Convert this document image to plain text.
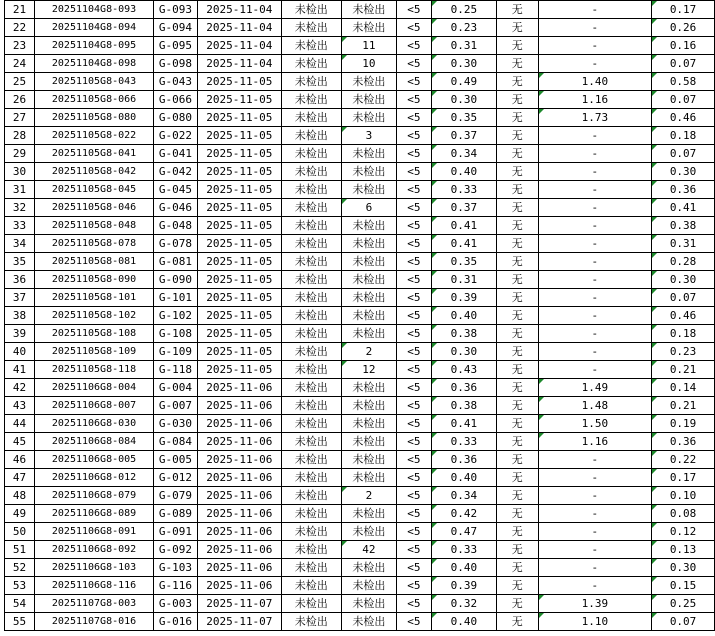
21	20251104G8-093	G-093	2025-11-04	未检出	未检出	<5	0.25	无	-	0.17
22	20251104G8-094	G-094	2025-11-04	未检出	未检出	<5	0.23	无	-	0.26
23	20251104G8-095	G-095	2025-11-04	未检出	11	<5	0.31	无	-	0.16
24	20251104G8-098	G-098	2025-11-04	未检出	10	<5	0.30	无	-	0.07
25	20251105G8-043	G-043	2025-11-05	未检出	未检出	<5	0.49	无	1.40	0.58
26	20251105G8-066	G-066	2025-11-05	未检出	未检出	<5	0.30	无	1.16	0.07
27	20251105G8-080	G-080	2025-11-05	未检出	未检出	<5	0.35	无	1.73	0.46
28	20251105G8-022	G-022	2025-11-05	未检出	3	<5	0.37	无	-	0.18
29	20251105G8-041	G-041	2025-11-05	未检出	未检出	<5	0.34	无	-	0.07
30	20251105G8-042	G-042	2025-11-05	未检出	未检出	<5	0.40	无	-	0.30
31	20251105G8-045	G-045	2025-11-05	未检出	未检出	<5	0.33	无	-	0.36
32	20251105G8-046	G-046	2025-11-05	未检出	6	<5	0.37	无	-	0.41
33	20251105G8-048	G-048	2025-11-05	未检出	未检出	<5	0.41	无	-	0.38
34	20251105G8-078	G-078	2025-11-05	未检出	未检出	<5	0.41	无	-	0.31
35	20251105G8-081	G-081	2025-11-05	未检出	未检出	<5	0.35	无	-	0.28
36	20251105G8-090	G-090	2025-11-05	未检出	未检出	<5	0.31	无	-	0.30
37	20251105G8-101	G-101	2025-11-05	未检出	未检出	<5	0.39	无	-	0.07
38	20251105G8-102	G-102	2025-11-05	未检出	未检出	<5	0.40	无	-	0.46
39	20251105G8-108	G-108	2025-11-05	未检出	未检出	<5	0.38	无	-	0.18
40	20251105G8-109	G-109	2025-11-05	未检出	2	<5	0.30	无	-	0.23
41	20251105G8-118	G-118	2025-11-05	未检出	12	<5	0.43	无	-	0.21
42	20251106G8-004	G-004	2025-11-06	未检出	未检出	<5	0.36	无	1.49	0.14
43	20251106G8-007	G-007	2025-11-06	未检出	未检出	<5	0.38	无	1.48	0.21
44	20251106G8-030	G-030	2025-11-06	未检出	未检出	<5	0.41	无	1.50	0.19
45	20251106G8-084	G-084	2025-11-06	未检出	未检出	<5	0.33	无	1.16	0.36
46	20251106G8-005	G-005	2025-11-06	未检出	未检出	<5	0.36	无	-	0.22
47	20251106G8-012	G-012	2025-11-06	未检出	未检出	<5	0.40	无	-	0.17
48	20251106G8-079	G-079	2025-11-06	未检出	2	<5	0.34	无	-	0.10
49	20251106G8-089	G-089	2025-11-06	未检出	未检出	<5	0.42	无	-	0.08
50	20251106G8-091	G-091	2025-11-06	未检出	未检出	<5	0.47	无	-	0.12
51	20251106G8-092	G-092	2025-11-06	未检出	42	<5	0.33	无	-	0.13
52	20251106G8-103	G-103	2025-11-06	未检出	未检出	<5	0.40	无	-	0.30
53	20251106G8-116	G-116	2025-11-06	未检出	未检出	<5	0.39	无	-	0.15
54	20251107G8-003	G-003	2025-11-07	未检出	未检出	<5	0.32	无	1.39	0.25
55	20251107G8-016	G-016	2025-11-07	未检出	未检出	<5	0.40	无	1.10	0.07
